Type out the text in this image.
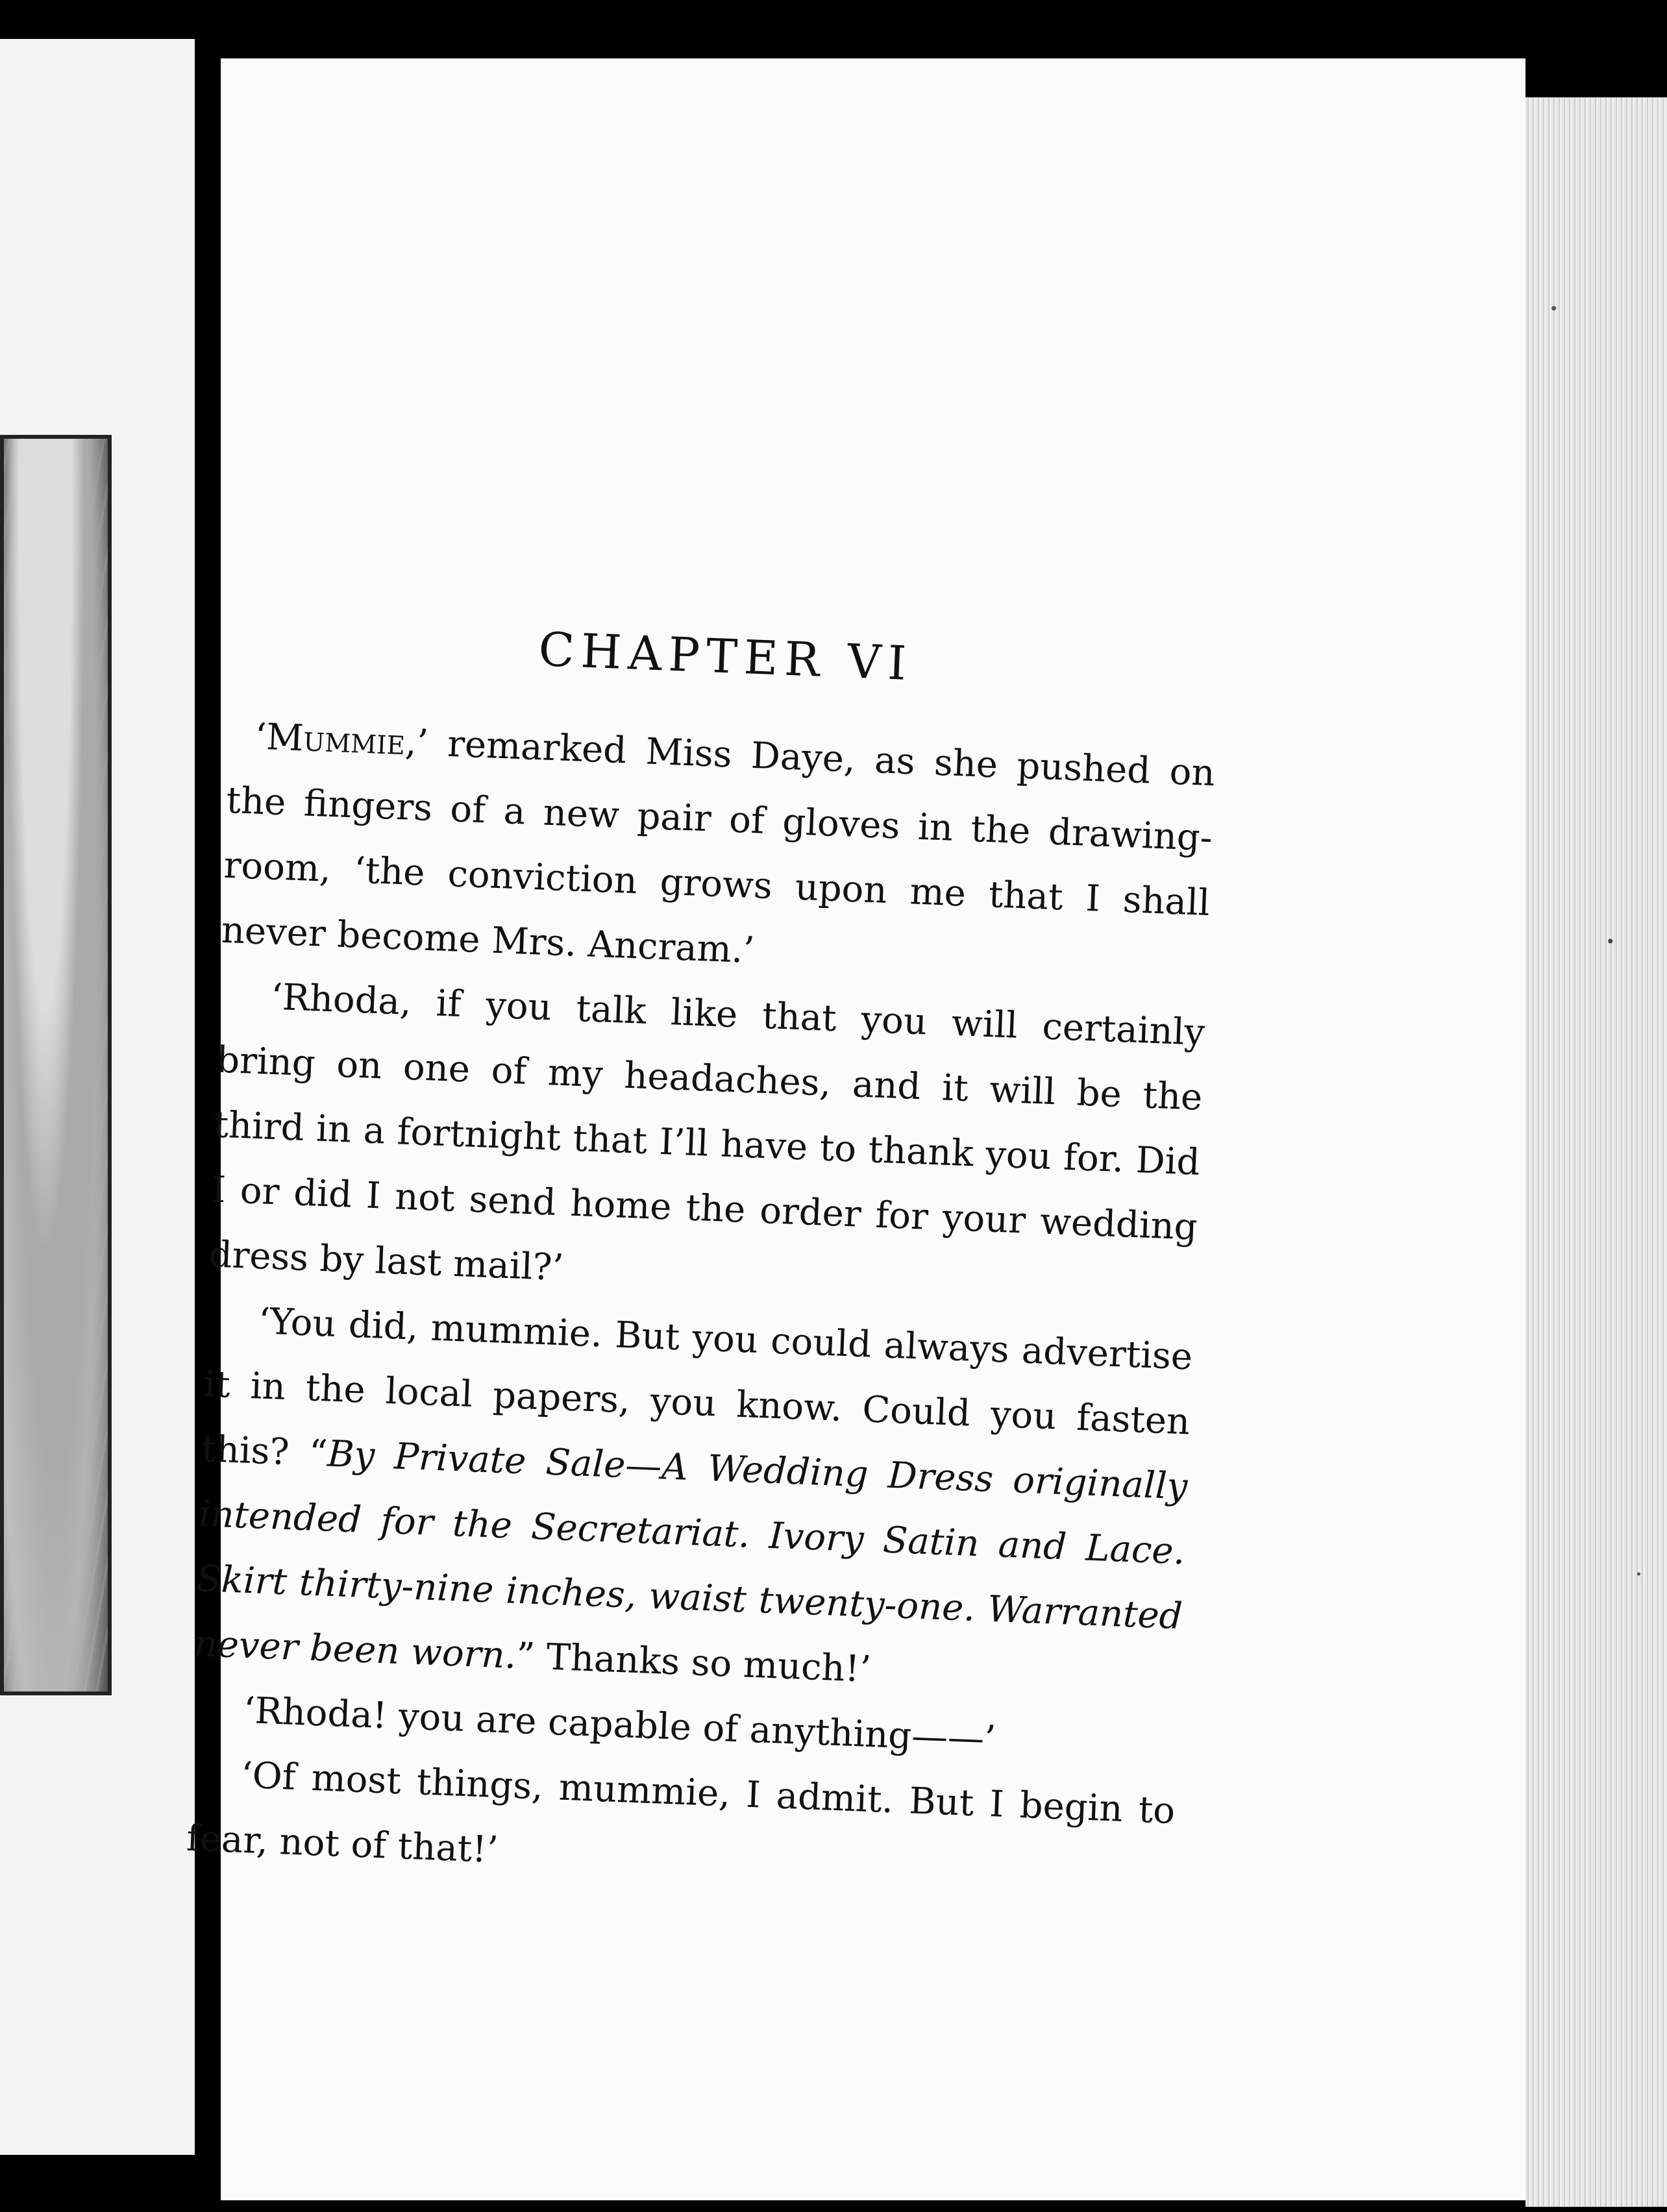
CHAPTER VI

‘Mummie,’ remarked Miss Daye, as she pushed on the fingers of a new pair of gloves in the drawing-room, ‘the conviction grows upon me that I shall never become Mrs. Ancram.’

‘Rhoda, if you talk like that you will certainly bring on one of my headaches, and it will be the third in a fortnight that I’ll have to thank you for. Did I or did I not send home the order for your wedding dress by last mail?’

‘You did, mummie. But you could always advertise it in the local papers, you know. Could you fasten this? “By Private Sale—A Wedding Dress originally intended for the Secretariat. Ivory Satin and Lace. Skirt thirty-nine inches, waist twenty-one. Warranted never been worn.” Thanks so much!’

‘Rhoda! you are capable of anything——’

‘Of most things, mummie, I admit. But I begin to fear, not of that!’
